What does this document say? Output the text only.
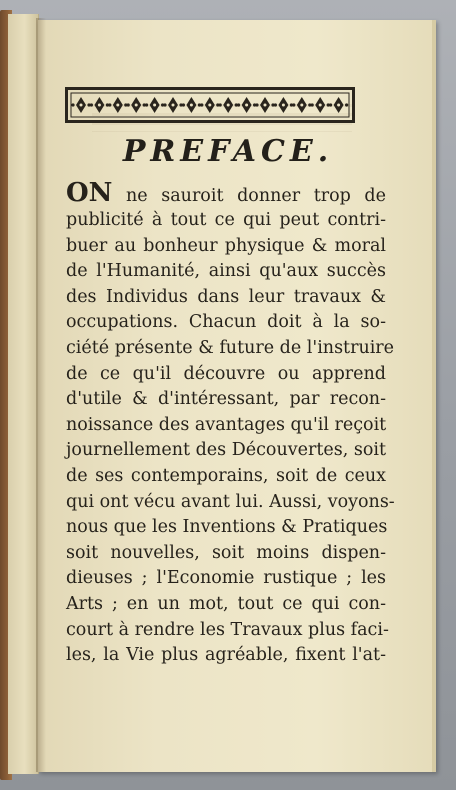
PREFACE.
ON ne sauroit donner trop de
publicité à tout ce qui peut contri-
buer au bonheur physique & moral
de l'Humanité, ainsi qu'aux succès
des Individus dans leur travaux &
occupations. Chacun doit à la so-
ciété présente & future de l'instruire
de ce qu'il découvre ou apprend
d'utile & d'intéressant, par recon-
noissance des avantages qu'il reçoit
journellement des Découvertes, soit
de ses contemporains, soit de ceux
qui ont vécu avant lui. Aussi, voyons-
nous que les Inventions & Pratiques
soit nouvelles, soit moins dispen-
dieuses ; l'Economie rustique ; les
Arts ; en un mot, tout ce qui con-
court à rendre les Travaux plus faci-
les, la Vie plus agréable, fixent l'at-
